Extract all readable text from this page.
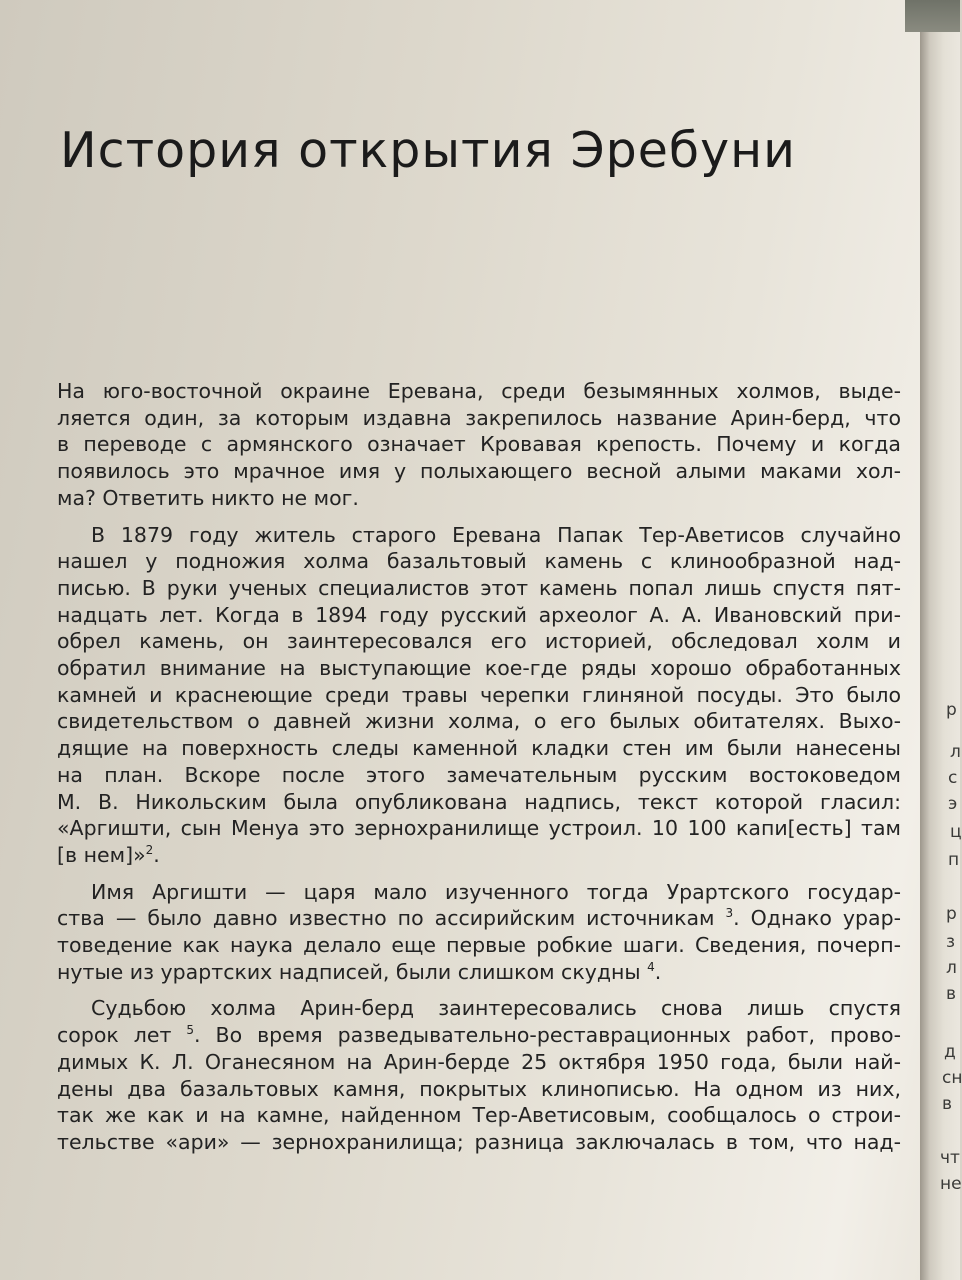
История открытия Эребуни

На юго-восточной окраине Еревана, среди безымянных холмов, выде-
ляется один, за которым издавна закрепилось название Арин-берд, что
в переводе с армянского означает Кровавая крепость. Почему и когда
появилось это мрачное имя у полыхающего весной алыми маками хол-
ма? Ответить никто не мог.

В 1879 году житель старого Еревана Папак Тер-Аветисов случайно
нашел у подножия холма базальтовый камень с клинообразной над-
писью. В руки ученых специалистов этот камень попал лишь спустя пят-
надцать лет. Когда в 1894 году русский археолог А. А. Ивановский при-
обрел камень, он заинтересовался его историей, обследовал холм и
обратил внимание на выступающие кое-где ряды хорошо обработанных
камней и краснеющие среди травы черепки глиняной посуды. Это было
свидетельством о давней жизни холма, о его былых обитателях. Выхо-
дящие на поверхность следы каменной кладки стен им были нанесены
на план. Вскоре после этого замечательным русским востоковедом
М. В. Никольским была опубликована надпись, текст которой гласил:
«Аргишти, сын Менуа это зернохранилище устроил. 10 100 капи[есть] там
[в нем]»$^2$.

Имя Аргишти — царя мало изученного тогда Урартского государ-
ства — было давно известно по ассирийским источникам $^3$. Однако урар-
товедение как наука делало еще первые робкие шаги. Сведения, почерп-
нутые из урартских надписей, были слишком скудны $^4$.

Судьбою холма Арин-берд заинтересовались снова лишь спустя
сорок лет $^5$. Во время разведывательно-реставрационных работ, прово-
димых К. Л. Оганесяном на Арин-берде 25 октября 1950 года, были най-
дены два базальтовых камня, покрытых клинописью. На одном из них,
так же как и на камне, найденном Тер-Аветисовым, сообщалось о строи-
тельстве «ари» — зернохранилища; разница заключалась в том, что над-

р
л
с
э
ц
п
р
з
л
в
д
сн
в
чт
не
